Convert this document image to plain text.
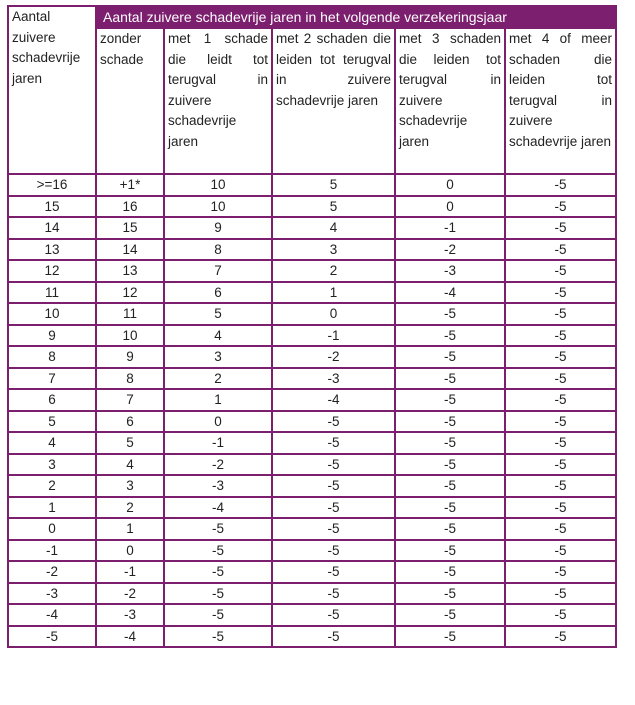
Aantal zuivere schadevrije jaren	Aantal zuivere schadevrije jaren in het volgende verzekeringsjaar				
	zonder schade	met 1 schade die leidt tot terugval in zuivere schadevrije jaren	met 2 schaden die leiden tot terugval in zuivere schadevrije jaren	met 3 schaden die leiden tot terugval in zuivere schadevrije jaren	met 4 of meer schaden die leiden tot terugval in zuivere schadevrije jaren
>=16	+1*	10	5	0	-5
15	16	10	5	0	-5
14	15	9	4	-1	-5
13	14	8	3	-2	-5
12	13	7	2	-3	-5
11	12	6	1	-4	-5
10	11	5	0	-5	-5
9	10	4	-1	-5	-5
8	9	3	-2	-5	-5
7	8	2	-3	-5	-5
6	7	1	-4	-5	-5
5	6	0	-5	-5	-5
4	5	-1	-5	-5	-5
3	4	-2	-5	-5	-5
2	3	-3	-5	-5	-5
1	2	-4	-5	-5	-5
0	1	-5	-5	-5	-5
-1	0	-5	-5	-5	-5
-2	-1	-5	-5	-5	-5
-3	-2	-5	-5	-5	-5
-4	-3	-5	-5	-5	-5
-5	-4	-5	-5	-5	-5
